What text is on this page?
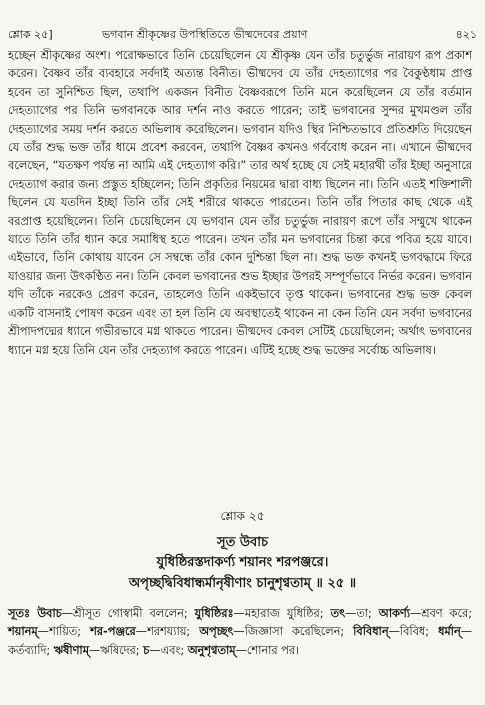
শ্লোক ২৫]	ভগবান শ্রীকৃষ্ণের উপস্থিতিতে ভীষ্মদেবের প্রয়াণ	৪২১

হচ্ছেন শ্রীকৃষ্ণের অংশ। পরোক্ষভাবে তিনি চেয়েছিলেন যে শ্রীকৃষ্ণ যেন তাঁর চতুর্ভুজ নারায়ণ রূপ প্রকাশ করেন। বৈষ্ণব তাঁর ব্যবহারে সর্বদাই অত্যন্ত বিনীত। ভীষ্মদেব যে তাঁর দেহত্যাগের পর বৈকুণ্ঠধাম প্রাপ্ত হবেন তা সুনিশ্চিত ছিল, তথাপি একজন বিনীত বৈষ্ণবরূপে তিনি মনে করেছিলেন যে তাঁর বর্তমান দেহত্যাগের পর তিনি ভগবানকে আর দর্শন নাও করতে পারেন; তাই ভগবানের সুন্দর মুখমণ্ডল তাঁর দেহত্যাগের সময় দর্শন করতে অভিলাষ করেছিলেন। ভগবান যদিও স্থির নিশ্চিতভাবে প্রতিশ্রুতি দিয়েছেন যে তাঁর শুদ্ধ ভক্ত তাঁর ধামে প্রবেশ করবেন, তথাপি বৈষ্ণব কখনও গর্ববোধ করেন না। এখানে ভীষ্মদেব বলেছেন, “যতক্ষণ পর্যন্ত না আমি এই দেহত্যাগ করি।” তার অর্থ হচ্ছে যে সেই মহারথী তাঁর ইচ্ছা অনুসারে দেহত্যাগ করার জন্য প্রস্তুত হচ্ছিলেন; তিনি প্রকৃতির নিয়মের দ্বারা বাধ্য ছিলেন না। তিনি এতই শক্তিশালী ছিলেন যে যতদিন ইচ্ছা তিনি তাঁর সেই শরীরে থাকতে পারতেন। তিনি তাঁর পিতার কাছ থেকে এই বরপ্রাপ্ত হয়েছিলেন। তিনি চেয়েছিলেন যে ভগবান যেন তাঁর চতুর্ভুজ নারায়ণ রূপে তাঁর সম্মুখে থাকেন যাতে তিনি তাঁর ধ্যান করে সমাধিস্থ হতে পারেন। তখন তাঁর মন ভগবানের চিন্তা করে পবিত্র হয়ে যাবে। এইভাবে, তিনি কোথায় যাবেন সে সম্বন্ধে তাঁর কোন দুশ্চিন্তা ছিল না। শুদ্ধ ভক্ত কখনই ভগবদ্ধামে ফিরে যাওয়ার জন্য উৎকণ্ঠিত নন। তিনি কেবল ভগবানের শুভ ইচ্ছার উপরই সম্পূর্ণভাবে নির্ভর করেন। ভগবান যদি তাঁকে নরকেও প্রেরণ করেন, তাহলেও তিনি একইভাবে তৃপ্ত থাকেন। ভগবানের শুদ্ধ ভক্ত কেবল একটি বাসনাই পোষণ করেন এবং তা হল তিনি যে অবস্থাতেই থাকেন না কেন তিনি যেন সর্বদা ভগবানের শ্রীপাদপদ্মের ধ্যানে গভীরভাবে মগ্ন থাকতে পারেন। ভীষ্মদেব কেবল সেটিই চেয়েছিলেন; অর্থাৎ ভগবানের ধ্যানে মগ্ন হয়ে তিনি যেন তাঁর দেহত্যাগ করতে পারেন। এটিই হচ্ছে শুদ্ধ ভক্তের সর্বোচ্চ অভিলাষ।

শ্লোক ২৫
সূত উবাচ
যুধিষ্ঠিরস্তদাকর্ণ্য শয়ানং শরপঞ্জরে।
অপৃচ্ছদ্বিবিধান্ধর্মানৃষীণাং চানুশৃণ্বতাম্ ॥ ২৫ ॥

সূতঃ উবাচ—শ্রীসূত গোস্বামী বললেন; যুধিষ্ঠিরঃ—মহারাজ যুধিষ্ঠির; তৎ—তা; আকর্ণ্য—শ্রবণ করে; শয়ানম্—শায়িত; শর-পঞ্জরে—শরশয্যায়; অপৃচ্ছৎ—জিজ্ঞাসা করেছিলেন; বিবিধান্—বিবিধ; ধর্মান্—কর্তব্যাদি; ঋষীণাম্—ঋষিদের; চ—এবং; অনুশৃণ্বতাম্—শোনার পর।
